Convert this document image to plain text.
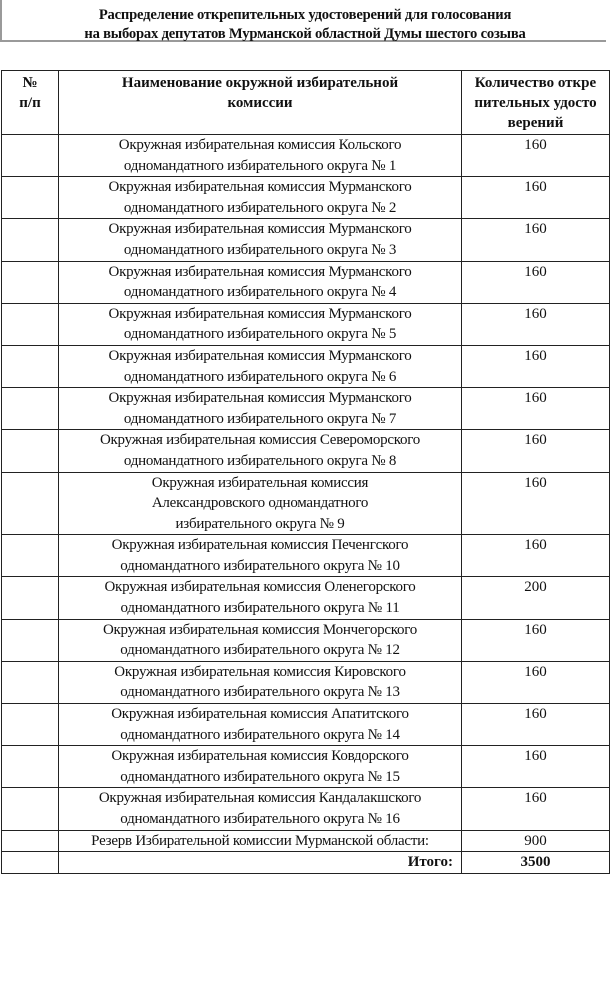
Распределение открепительных удостоверений для голосования
на выборах депутатов Мурманской областной Думы шестого созыва
№ п/п	Наименование окружной избирательной комиссии	Количество открепительных удостоверений

	Окружная избирательная комиссия Кольского одномандатного избирательного округа № 1	160

	Окружная избирательная комиссия Мурманского одномандатного избирательного округа № 2	160

	Окружная избирательная комиссия Мурманского одномандатного избирательного округа № 3	160

	Окружная избирательная комиссия Мурманского одномандатного избирательного округа № 4	160

	Окружная избирательная комиссия Мурманского одномандатного избирательного округа № 5	160

	Окружная избирательная комиссия Мурманского одномандатного избирательного округа № 6	160

	Окружная избирательная комиссия Мурманского одномандатного избирательного округа № 7	160

	Окружная избирательная комиссия Североморского одномандатного избирательного округа № 8	160

	Окружная избирательная комиссия Александровского одномандатного избирательного округа № 9	160

	Окружная избирательная комиссия Печенгского одномандатного избирательного округа № 10	160

	Окружная избирательная комиссия Оленегорского одномандатного избирательного округа № 11	200

	Окружная избирательная комиссия Мончегорского одномандатного избирательного округа № 12	160

	Окружная избирательная комиссия Кировского одномандатного избирательного округа № 13	160

	Окружная избирательная комиссия Апатитского одномандатного избирательного округа № 14	160

	Окружная избирательная комиссия Ковдорского одномандатного избирательного округа № 15	160

	Окружная избирательная комиссия Кандалакшского одномандатного избирательного округа № 16	160

	Резерв Избирательной комиссии Мурманской области:	900
	Итого:	3500
